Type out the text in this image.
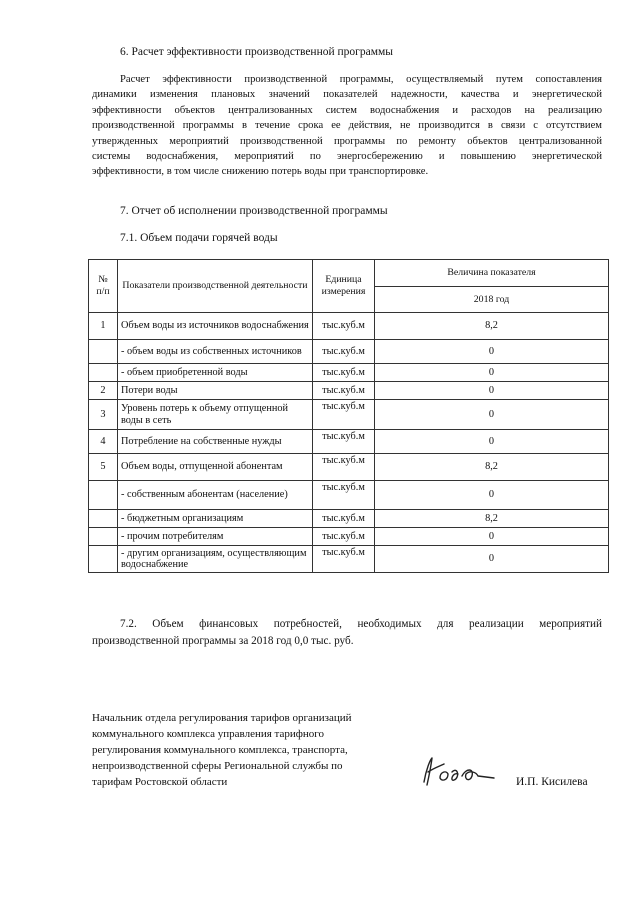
6. Расчет эффективности производственной программы
Расчет эффективности производственной программы, осуществляемый путем сопоставления
динамики изменения плановых значений показателей надежности, качества и энергетической
эффективности объектов централизованных систем водоснабжения и расходов на реализацию
производственной программы в течение срока ее действия, не производится в связи с отсутствием
утвержденных мероприятий производственной программы по ремонту объектов централизованной
системы водоснабжения, мероприятий по энергосбережению и повышению энергетической
эффективности, в том числе снижению потерь воды при транспортировке.
7. Отчет об исполнении производственной программы
7.1. Объем подачи горячей воды
№
п/п	Показатели производственной деятельности	Единица измерения	Величина показателя
			2018 год
1	Объем воды из источников водоснабжения	тыс.куб.м	8,2
	- объем воды из собственных источников	тыс.куб.м	0
	- объем приобретенной воды	тыс.куб.м	0
2	Потери воды	тыс.куб.м	0
3	Уровень потерь к объему отпущенной воды в сеть	тыс.куб.м	0
4	Потребление на собственные нужды	тыс.куб.м	0
5	Объем воды, отпущенной абонентам	тыс.куб.м	8,2
	- собственным абонентам (население)	тыс.куб.м	0
	- бюджетным организациям	тыс.куб.м	8,2
	- прочим потребителям	тыс.куб.м	0
	- другим организациям, осуществляющим водоснабжение	тыс.куб.м	0
7.2. Объем финансовых потребностей, необходимых для реализации мероприятий
производственной программы за 2018 год 0,0 тыс. руб.
Начальник отдела регулирования тарифов организаций
коммунального комплекса управления тарифного
регулирования коммунального комплекса, транспорта,
непроизводственной сферы Региональной службы по
тарифам Ростовской области	И.П. Кисилева
